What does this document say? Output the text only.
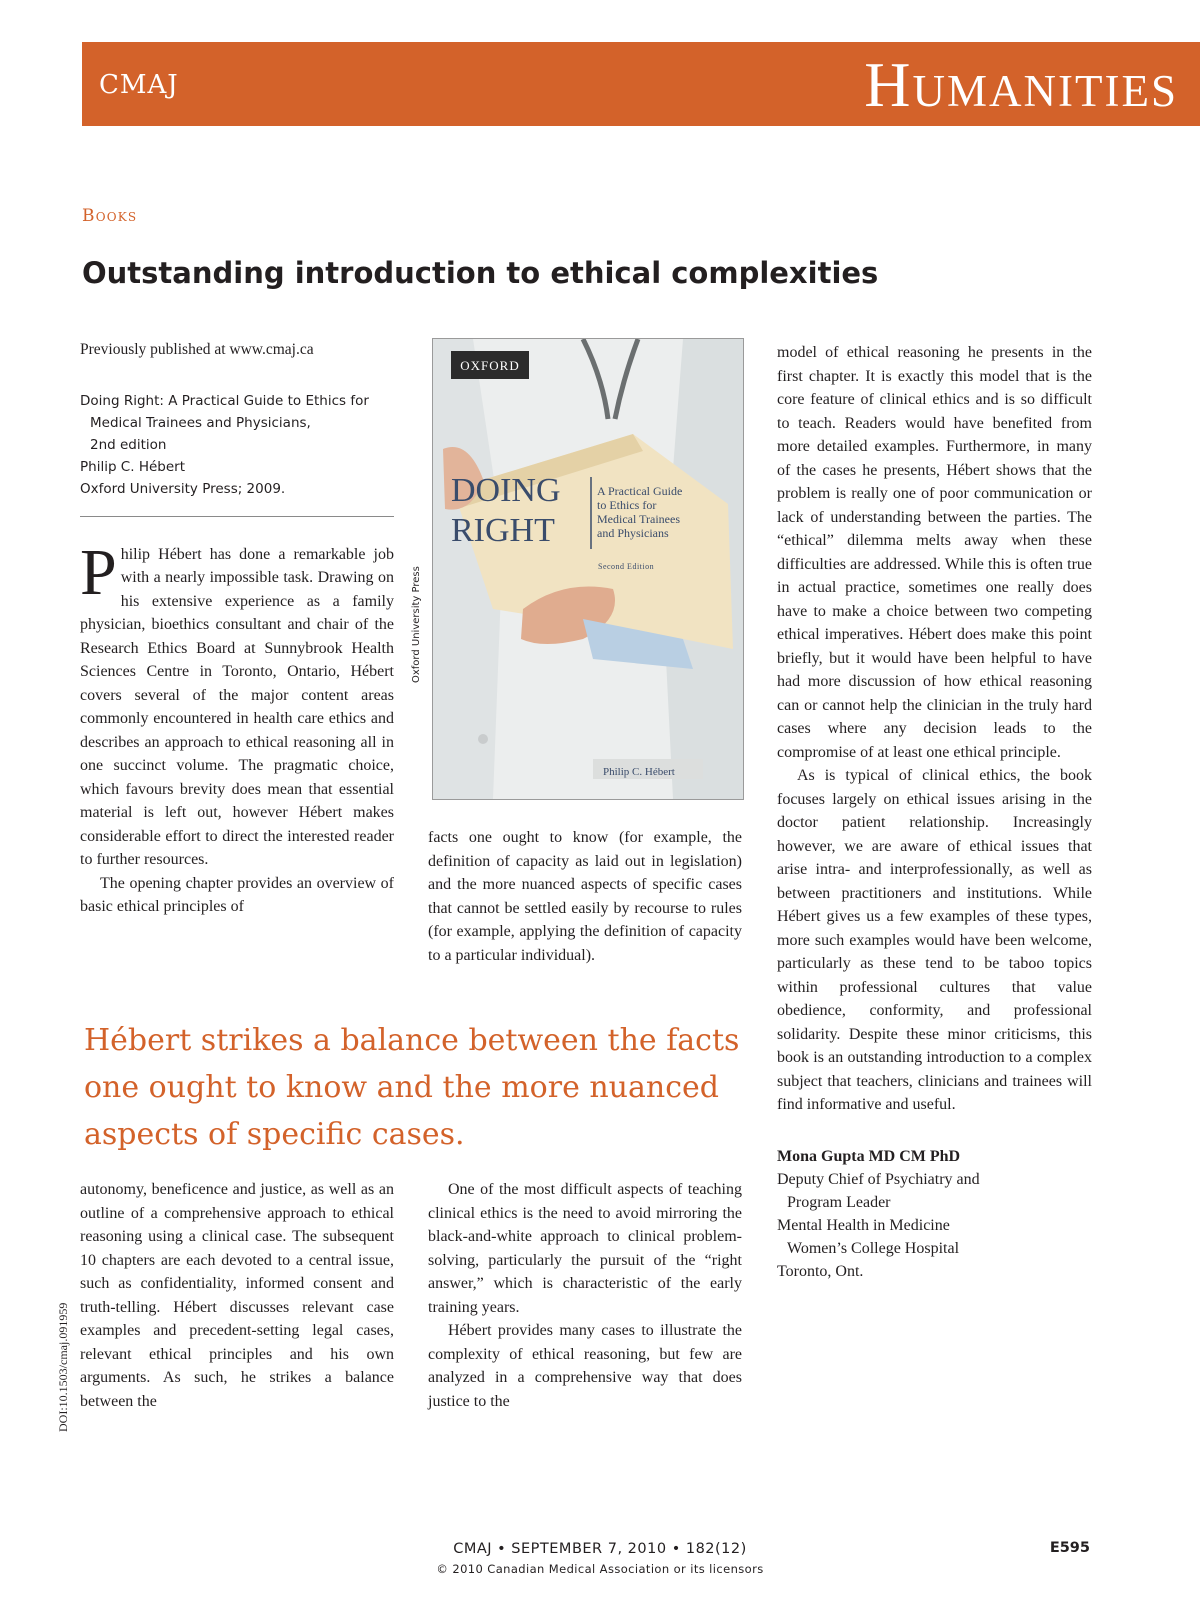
CMAJ	Humanities
Books
Outstanding introduction to ethical complexities

Previously published at www.cmaj.ca

Doing Right: A Practical Guide to Ethics for
Medical Trainees and Physicians,
2nd edition
Philip C. Hébert
Oxford University Press; 2009.

Philip Hébert has done a remarkable job with a nearly impossible task. Drawing on his extensive experience as a family physician, bioethics consultant and chair of the Research Ethics Board at Sunnybrook Health Sciences Centre in Toronto, Ontario, Hébert covers several of the major content areas commonly encountered in health care ethics and describes an approach to ethical reasoning all in one succinct volume. The pragmatic choice, which favours brevity does mean that essential material is left out, however Hébert makes considerable effort to direct the interested reader to further resources.

The opening chapter provides an overview of basic ethical principles of

OXFORD
DOING
RIGHT
A Practical Guide
to Ethics for
Medical Trainees
and Physicians
Second Edition
Philip C. Hébert
Oxford University Press

facts one ought to know (for example, the definition of capacity as laid out in legislation) and the more nuanced aspects of specific cases that cannot be settled easily by recourse to rules (for example, applying the definition of capacity to a particular individual).

Hébert strikes a balance between the facts one ought to know and the more nuanced aspects of specific cases.

autonomy, beneficence and justice, as well as an outline of a comprehensive approach to ethical reasoning using a clinical case. The subsequent 10 chapters are each devoted to a central issue, such as confidentiality, informed consent and truth-telling. Hébert discusses relevant case examples and precedent-setting legal cases, relevant ethical principles and his own arguments. As such, he strikes a balance between the

One of the most difficult aspects of teaching clinical ethics is the need to avoid mirroring the black-and-white approach to clinical problem-solving, particularly the pursuit of the “right answer,” which is characteristic of the early training years.

Hébert provides many cases to illustrate the complexity of ethical reasoning, but few are analyzed in a comprehensive way that does justice to the

model of ethical reasoning he presents in the first chapter. It is exactly this model that is the core feature of clinical ethics and is so difficult to teach. Readers would have benefited from more detailed examples. Furthermore, in many of the cases he presents, Hébert shows that the problem is really one of poor communication or lack of understanding between the parties. The “ethical” dilemma melts away when these difficulties are addressed. While this is often true in actual practice, sometimes one really does have to make a choice between two competing ethical imperatives. Hébert does make this point briefly, but it would have been helpful to have had more discussion of how ethical reasoning can or cannot help the clinician in the truly hard cases where any decision leads to the compromise of at least one ethical principle.

As is typical of clinical ethics, the book focuses largely on ethical issues arising in the doctor patient relationship. Increasingly however, we are aware of ethical issues that arise intra- and interprofessionally, as well as between practitioners and institutions. While Hébert gives us a few examples of these types, more such examples would have been welcome, particularly as these tend to be taboo topics within professional cultures that value obedience, conformity, and professional solidarity. Despite these minor criticisms, this book is an outstanding introduction to a complex subject that teachers, clinicians and trainees will find informative and useful.

Mona Gupta MD CM PhD
Deputy Chief of Psychiatry and
Program Leader
Mental Health in Medicine
Women’s College Hospital
Toronto, Ont.
DOI:10.1503/cmaj.091959
CMAJ • SEPTEMBER 7, 2010 • 182(12)
© 2010 Canadian Medical Association or its licensors
E595
